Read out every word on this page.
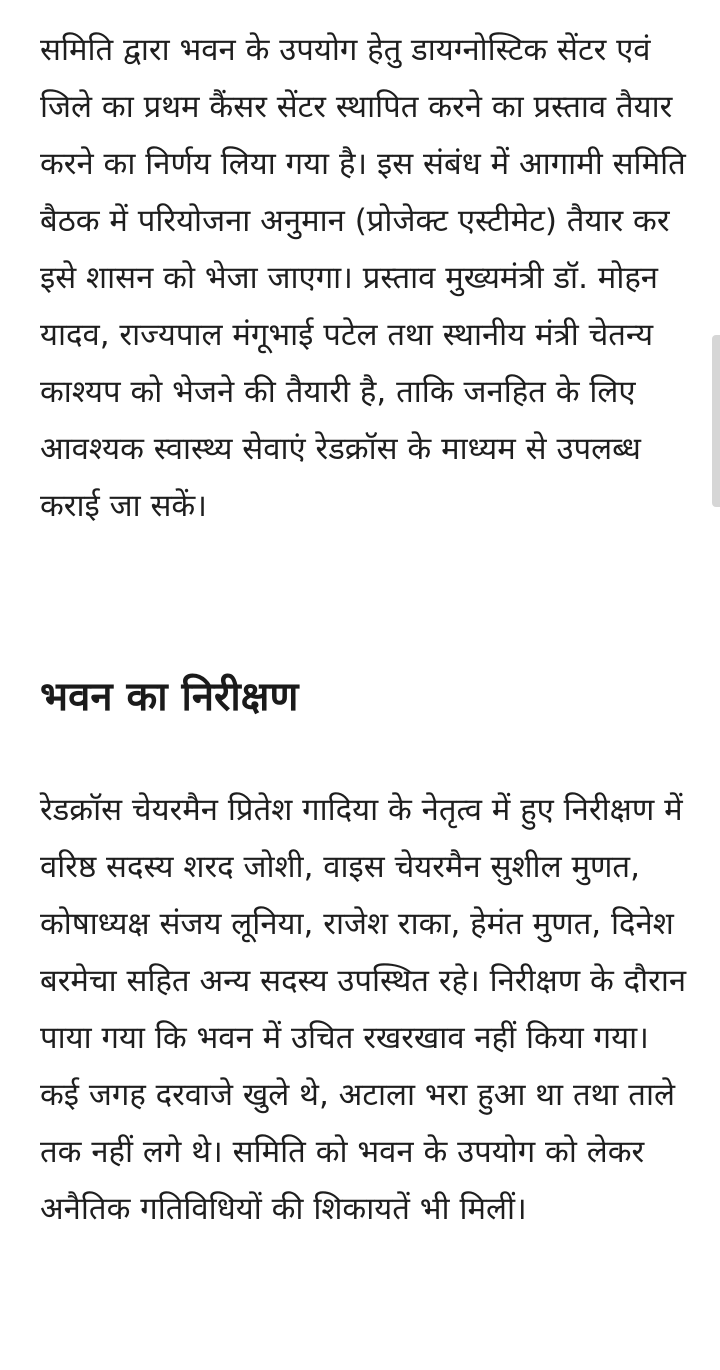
समिति द्वारा भवन के उपयोग हेतु डायग्नोस्टिक सेंटर एवं जिले का प्रथम कैंसर सेंटर स्थापित करने का प्रस्ताव तैयार करने का निर्णय लिया गया है। इस संबंध में आगामी समिति बैठक में परियोजना अनुमान (प्रोजेक्ट एस्टीमेट) तैयार कर इसे शासन को भेजा जाएगा। प्रस्ताव मुख्यमंत्री डॉ. मोहन यादव, राज्यपाल मंगूभाई पटेल तथा स्थानीय मंत्री चेतन्य काश्यप को भेजने की तैयारी है, ताकि जनहित के लिए आवश्यक स्वास्थ्य सेवाएं रेडक्रॉस के माध्यम से उपलब्ध कराई जा सकें।

भवन का निरीक्षण

रेडक्रॉस चेयरमैन प्रितेश गादिया के नेतृत्व में हुए निरीक्षण में वरिष्ठ सदस्य शरद जोशी, वाइस चेयरमैन सुशील मुणत, कोषाध्यक्ष संजय लूनिया, राजेश राका, हेमंत मुणत, दिनेश बरमेचा सहित अन्य सदस्य उपस्थित रहे। निरीक्षण के दौरान पाया गया कि भवन में उचित रखरखाव नहीं किया गया। कई जगह दरवाजे खुले थे, अटाला भरा हुआ था तथा ताले तक नहीं लगे थे। समिति को भवन के उपयोग को लेकर अनैतिक गतिविधियों की शिकायतें भी मिलीं।
